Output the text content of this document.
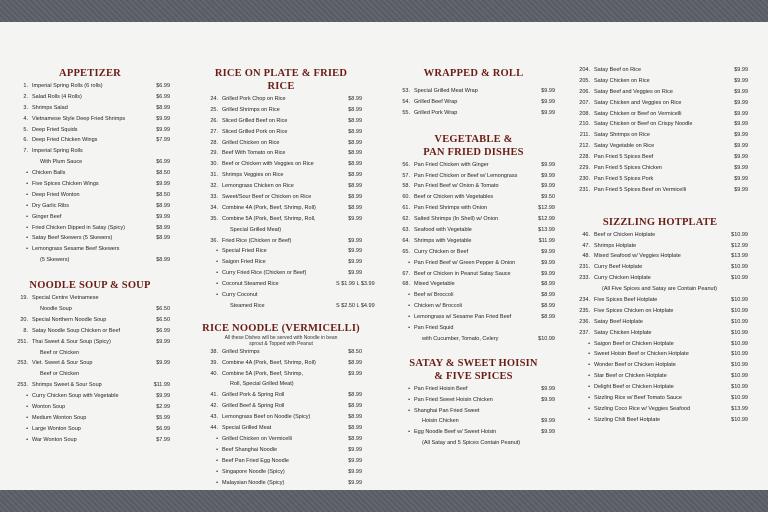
APPETIZER
1. Imperial Spring Rolls (6 rolls)	$6.99
2. Salad Rolls (4 Rolls)	$6.99
3. Shrimps Salad	$8.99
4. Vietnamese Style Deep Fried Shrimps	$9.99
5. Deep Fried Squids	$9.99
6. Deep Fried Chicken Wings	$7.99
7. Imperial Spring Rolls
With Plum Sauce	$6.99
• Chicken Balls	$8.50
• Five Spices Chicken Wings	$9.99
• Deep Fried Wonton	$8.50
• Dry Garlic Ribs	$8.99
• Ginger Beef	$9.99
• Fried Chicken Dipped in Satay (Spicy)	$8.99
• Satay Beef Skewers (5 Skewers)	$8.99
• Lemongrass Sesame Beef Skewers
(5 Skewers)	$8.99
NOODLE SOUP & SOUP
19. Special Centre Vietnamese
Noodle Soup	$6.50
20. Special Northern Noodle Soup	$6.50
8. Satay Noodle Soup Chicken or Beef	$6.99
251. Thai Sweet & Sour Soup (Spicy)	$9.99
Beef or Chicken
253. Viet. Sweet & Sour Soup	$9.99
Beef or Chicken
253. Shrimps Sweet & Sour Soup	$11.99
• Curry Chicken Soup with Vegetable	$9.99
• Wonton Soup	$2.99
• Medium Wonton Soup	$5.99
• Large Wonton Soup	$6.99
• War Wonton Soup	$7.99
RICE ON PLATE & FRIED RICE
24. Grilled Pork Chop on Rice	$8.99
25. Grilled Shrimps on Rice	$8.99
26. Sliced Grilled Beef on Rice	$8.99
27. Sliced Grilled Pork on Rice	$8.99
28. Grilled Chicken on Rice	$8.99
29. Beef With Tomato on Rice	$8.99
30. Beef or Chicken with Veggies on Rice	$8.99
31. Shrimps Veggies on Rice	$8.99
32. Lemongrass Chicken on Rice	$8.99
33. Sweet/Sour Beef or Chicken on Rice	$8.99
34. Combine 4A (Pork, Beef, Shrimp, Roll)	$8.99
35. Combine 5A (Pork, Beef, Shrimp, Roll,	$9.99
Special Grilled Meat)
36. Fried Rice (Chicken or Beef)	$9.99
• Special Fried Rice	$9.99
• Saigon Fried Rice	$9.99
• Curry Fried Rice (Chicken or Beef)	$9.99
• Coconut Steamed Rice	S $1.99 L $3.99
• Curry Coconut
Steamed Rice	S $2.50 L $4.99
RICE NOODLE (VERMICELLI)
All these Dishes will be served with Noodle in bean sprout & Topped with Peanut
38. Grilled Shrimps	$8.50
39. Combine 4A (Pork, Beef, Shrimp, Roll)	$8.99
40. Combine 5A (Pork, Beef, Shrimp,	$9.99
Roll, Special Grilled Meat)
41. Grilled Pork & Spring Roll	$8.99
42. Grilled Beef & Spring Roll	$8.99
43. Lemongrass Beef on Noodle (Spicy)	$8.99
44. Special Grilled Meat	$8.99
• Grilled Chicken on Vermicelli	$8.99
• Beef Shanghai Noodle	$9.99
• Beef Pan Fried Egg Noodle	$9.99
• Singapore Noodle (Spicy)	$9.99
• Malaysian Noodle (Spicy)	$9.99
WRAPPED & ROLL
53. Special Grilled Meat Wrap	$9.99
54. Grilled Beef Wrap	$9.99
55. Grilled Pork Wrap	$9.99
VEGETABLE &
PAN FRIED DISHES
56. Pan Fried Chicken with Ginger	$9.99
57. Pan Fried Chicken or Beef w/ Lemongrass	$9.99
58. Pan Fried Beef w/ Onion & Tomato	$9.99
60. Beef or Chicken with Vegetables	$9.50
61. Pan Fried Shrimps with Onion	$12.99
62. Salted Shrimps (In Shell) w/ Onion	$12.99
63. Seafood with Vegetable	$13.99
64. Shrimps with Vegetable	$11.99
65. Curry Chicken or Beef	$9.99
• Pan Fried Beef w/ Green Pepper & Onion	$9.99
67. Beef or Chicken in Peanut Satay Sauce	$9.99
68. Mixed Vegetable	$8.99
• Beef w/ Broccoli	$8.99
• Chicken w/ Broccoli	$8.99
• Lemongrass w/ Sesame Pan Fried Beef	$8.99
• Pan Fried Squid
with Cucumber, Tomato, Celery	$10.99
SATAY & SWEET HOISIN
& FIVE SPICES
• Pan Fried Hoisin Beef	$9.99
• Pan Fried Sweet Hoisin Chicken	$9.99
• Shanghai Pan Fried Sweet
Hoisin Chicken	$9.99
• Egg Noodle Beef w/ Sweet Hoisin	$9.99
(All Satay and 5 Spices Contain Peanut)
204. Satay Beef on Rice	$9.99
205. Satay Chicken on Rice	$9.99
206. Satay Beef and Veggies on Rice	$9.99
207. Satay Chicken and Veggies on Rice	$9.99
208. Satay Chicken or Beef on Vermicelli	$9.99
210. Satay Chicken or Beef on Crispy Noodle	$9.99
211. Satay Shrimps on Rice	$9.99
212. Satay Vegetable on Rice	$9.99
228. Pan Fried 5 Spices Beef	$9.99
229. Pan Fried 5 Spices Chicken	$9.99
230. Pan Fried 5 Spices Pork	$9.99
231. Pan Fried 5 Spices Beef on Vermicelli	$9.99
SIZZLING HOTPLATE
46. Beef or Chicken Hotplate	$10.99
47. Shrimps Hotplate	$12.99
48. Mixed Seafood w/ Veggies Hotplate	$13.99
231. Curry Beef Hotplate	$10.99
233. Curry Chicken Hotplate	$10.99
(All Five Spices and Satay are Contain Peanut)
234. Five Spices Beef Hotplate	$10.99
235. Five Spices Chicken on Hotplate	$10.99
236. Satay Beef Hotplate	$10.99
237. Satay Chicken Hotplate	$10.99
• Saigon Beef or Chicken Hotplate	$10.99
• Sweet Hoisin Beef or Chicken Hotplate	$10.99
• Wonder Beef or Chicken Hotplate	$10.99
• Star Beef or Chicken Hotplate	$10.99
• Delight Beef or Chicken Hotplate	$10.99
• Sizzling Rice w/ Beef Tomato Sauce	$10.99
• Sizzling Coco Rice w/ Veggies Seafood	$13.99
• Sizzling Chili Beef Hotplate	$10.99
